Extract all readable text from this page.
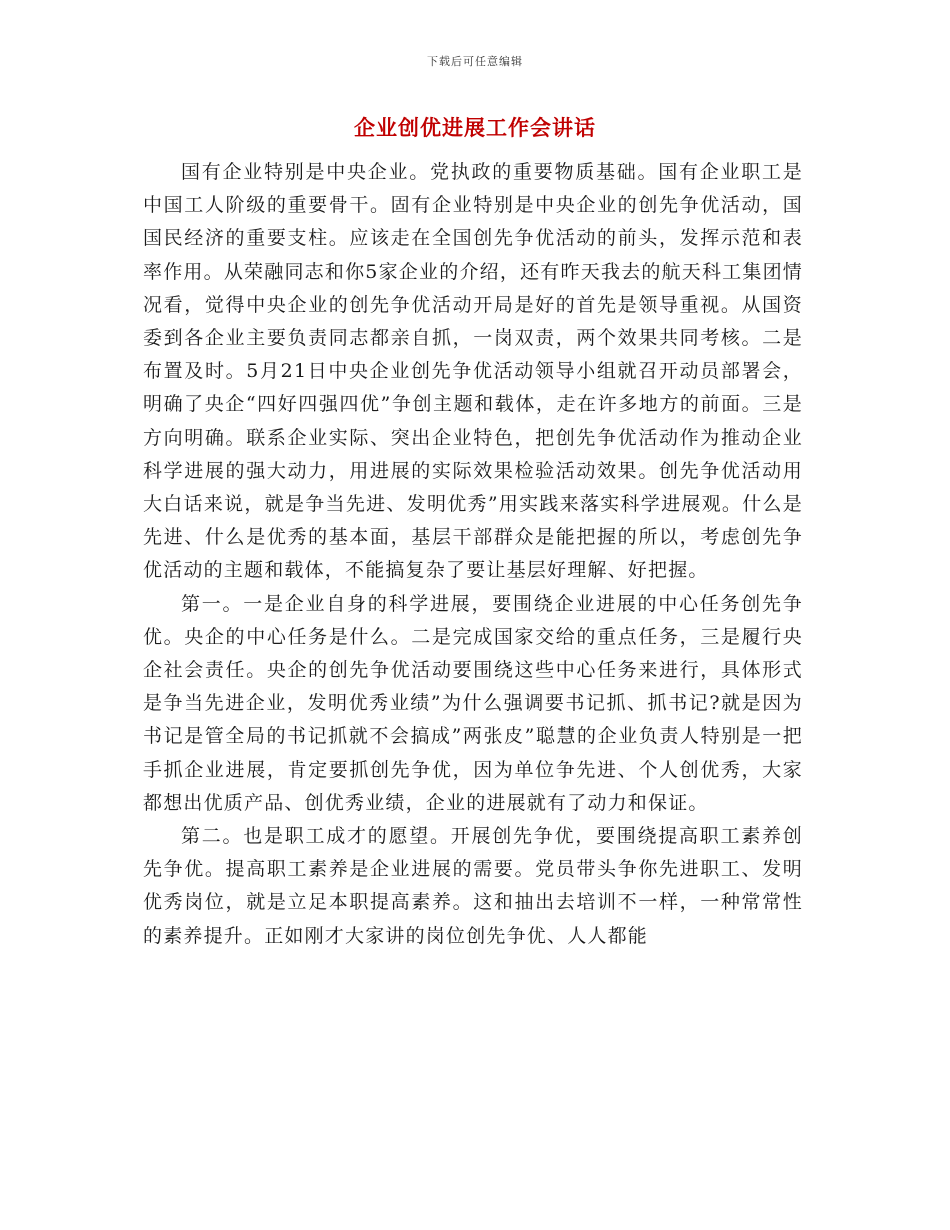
下载后可任意编辑
企业创优进展工作会讲话

国有企业特别是中央企业。党执政的重要物质基础。国有企业职工是中国工人阶级的重要骨干。固有企业特别是中央企业的创先争优活动，国国民经济的重要支柱。应该走在全国创先争优活动的前头，发挥示范和表率作用。从荣融同志和你5家企业的介绍，还有昨天我去的航天科工集团情况看，觉得中央企业的创先争优活动开局是好的首先是领导重视。从国资委到各企业主要负责同志都亲自抓，一岗双责，两个效果共同考核。二是布置及时。5月21日中央企业创先争优活动领导小组就召开动员部署会，明确了央企“四好四强四优”争创主题和载体，走在许多地方的前面。三是方向明确。联系企业实际、突出企业特色，把创先争优活动作为推动企业科学进展的强大动力，用进展的实际效果检验活动效果。创先争优活动用大白话来说，就是争当先进、发明优秀”用实践来落实科学进展观。什么是先进、什么是优秀的基本面，基层干部群众是能把握的所以，考虑创先争优活动的主题和载体，不能搞复杂了要让基层好理解、好把握。

第一。一是企业自身的科学进展，要围绕企业进展的中心任务创先争优。央企的中心任务是什么。二是完成国家交给的重点任务，三是履行央企社会责任。央企的创先争优活动要围绕这些中心任务来进行，具体形式是争当先进企业，发明优秀业绩”为什么强调要书记抓、抓书记?就是因为书记是管全局的书记抓就不会搞成”两张皮”聪慧的企业负责人特别是一把手抓企业进展，肯定要抓创先争优，因为单位争先进、个人创优秀，大家都想出优质产品、创优秀业绩，企业的进展就有了动力和保证。

第二。也是职工成才的愿望。开展创先争优，要围绕提高职工素养创先争优。提高职工素养是企业进展的需要。党员带头争你先进职工、发明优秀岗位，就是立足本职提高素养。这和抽出去培训不一样，一种常常性的素养提升。正如刚才大家讲的岗位创先争优、人人都能
